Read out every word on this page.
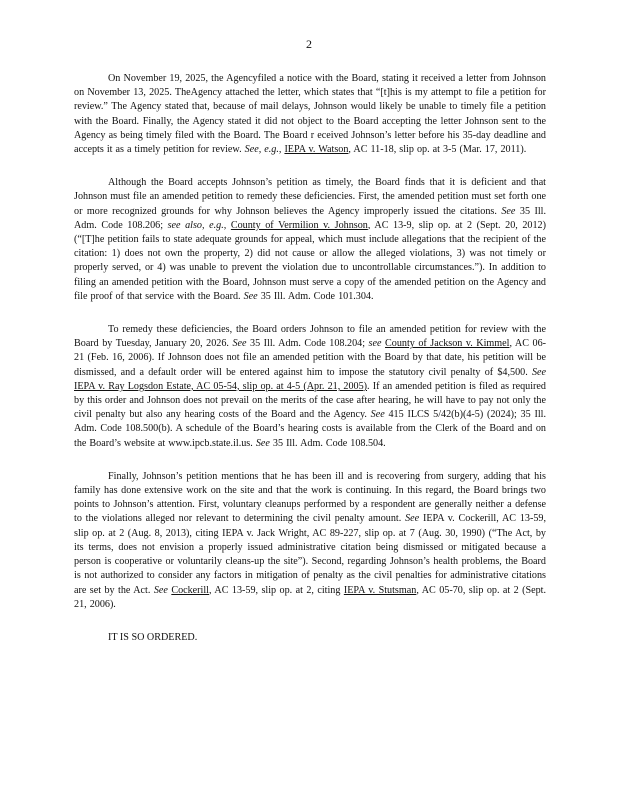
2

On November 19, 2025, the Agencyfiled a notice with the Board, stating it received a letter from Johnson on November 13, 2025. TheAgency attached the letter, which states that “[t]his is my attempt to file a petition for review.” The Agency stated that, because of mail delays, Johnson would likely be unable to timely file a petition with the Board. Finally, the Agency stated it did not object to the Board accepting the letter Johnson sent to the Agency as being timely filed with the Board. The Board r eceived Johnson’s letter before his 35-day deadline and accepts it as a timely petition for review. See, e.g., IEPA v. Watson, AC 11-18, slip op. at 3-5 (Mar. 17, 2011).

Although the Board accepts Johnson’s petition as timely, the Board finds that it is deficient and that Johnson must file an amended petition to remedy these deficiencies. First, the amended petition must set forth one or more recognized grounds for why Johnson believes the Agency improperly issued the citations. See 35 Ill. Adm. Code 108.206; see also, e.g., County of Vermilion v. Johnson, AC 13-9, slip op. at 2 (Sept. 20, 2012) (“[T]he petition fails to state adequate grounds for appeal, which must include allegations that the recipient of the citation: 1) does not own the property, 2) did not cause or allow the alleged violations, 3) was not timely or properly served, or 4) was unable to prevent the violation due to uncontrollable circumstances.”). In addition to filing an amended petition with the Board, Johnson must serve a copy of the amended petition on the Agency and file proof of that service with the Board. See 35 Ill. Adm. Code 101.304.

To remedy these deficiencies, the Board orders Johnson to file an amended petition for review with the Board by Tuesday, January 20, 2026. See 35 Ill. Adm. Code 108.204; see County of Jackson v. Kimmel, AC 06-21 (Feb. 16, 2006). If Johnson does not file an amended petition with the Board by that date, his petition will be dismissed, and a default order will be entered against him to impose the statutory civil penalty of $4,500. See IEPA v. Ray Logsdon Estate, AC 05-54, slip op. at 4-5 (Apr. 21, 2005). If an amended petition is filed as required by this order and Johnson does not prevail on the merits of the case after hearing, he will have to pay not only the civil penalty but also any hearing costs of the Board and the Agency. See 415 ILCS 5/42(b)(4-5) (2024); 35 Ill. Adm. Code 108.500(b). A schedule of the Board’s hearing costs is available from the Clerk of the Board and on the Board’s website at www.ipcb.state.il.us. See 35 Ill. Adm. Code 108.504.

Finally, Johnson’s petition mentions that he has been ill and is recovering from surgery, adding that his family has done extensive work on the site and that the work is continuing. In this regard, the Board brings two points to Johnson’s attention. First, voluntary cleanups performed by a respondent are generally neither a defense to the violations alleged nor relevant to determining the civil penalty amount. See IEPA v. Cockerill, AC 13-59, slip op. at 2 (Aug. 8, 2013), citing IEPA v. Jack Wright, AC 89-227, slip op. at 7 (Aug. 30, 1990) (“The Act, by its terms, does not envision a properly issued administrative citation being dismissed or mitigated because a person is cooperative or voluntarily cleans-up the site”). Second, regarding Johnson’s health problems, the Board is not authorized to consider any factors in mitigation of penalty as the civil penalties for administrative citations are set by the Act. See Cockerill, AC 13-59, slip op. at 2, citing IEPA v. Stutsman, AC 05-70, slip op. at 2 (Sept. 21, 2006).

IT IS SO ORDERED.
